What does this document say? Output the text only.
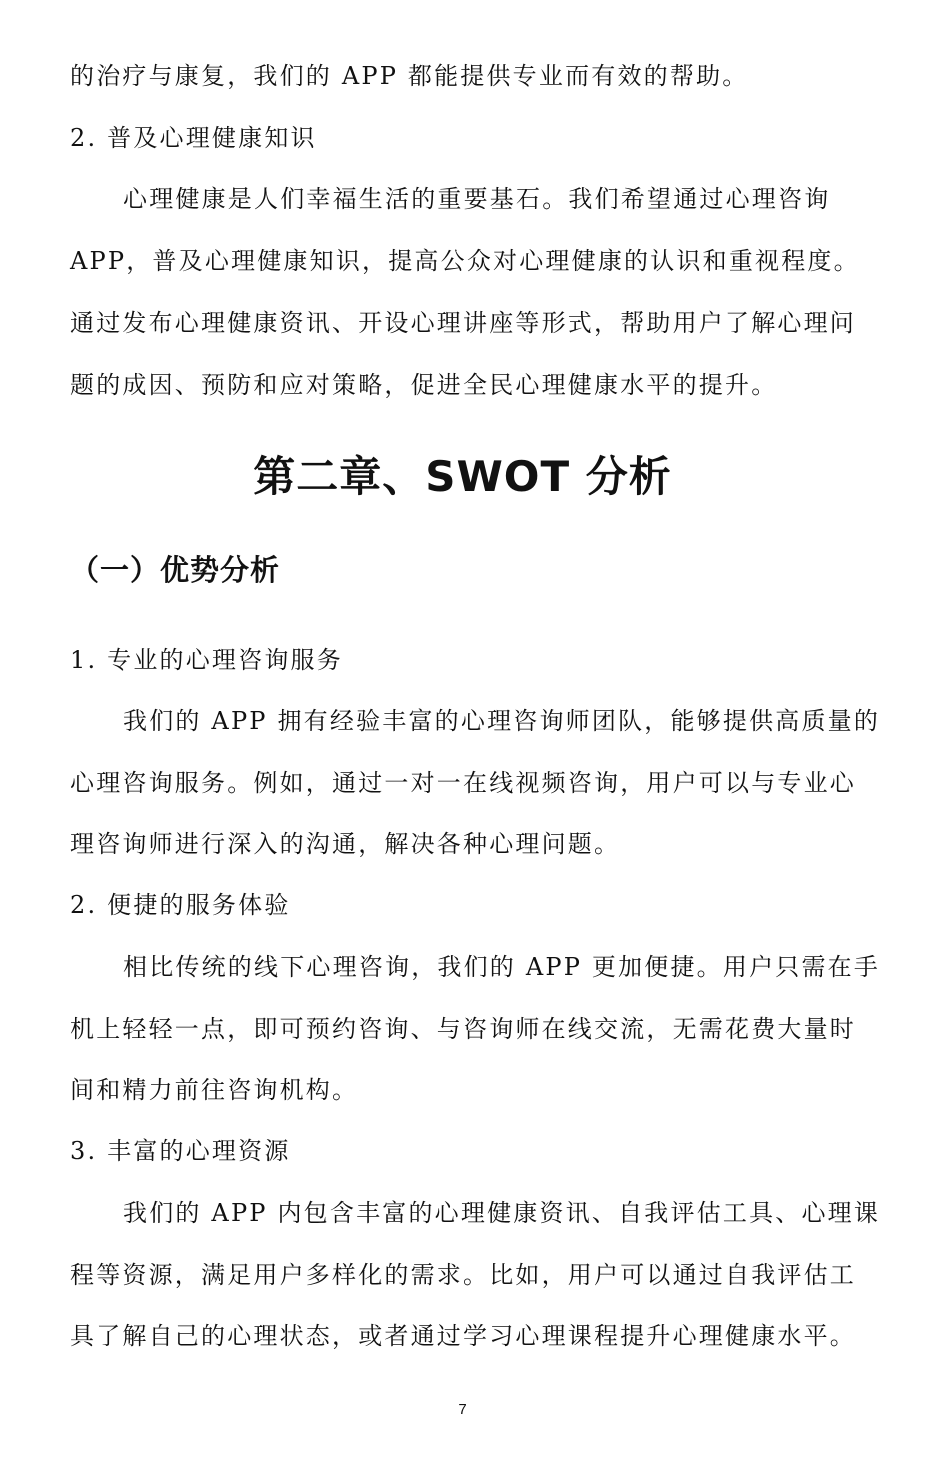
的治疗与康复，我们的 APP 都能提供专业而有效的帮助。
2. 普及心理健康知识
心理健康是人们幸福生活的重要基石。我们希望通过心理咨询
APP，普及心理健康知识，提高公众对心理健康的认识和重视程度。
通过发布心理健康资讯、开设心理讲座等形式，帮助用户了解心理问
题的成因、预防和应对策略，促进全民心理健康水平的提升。
第二章、SWOT 分析
（一）优势分析
1. 专业的心理咨询服务
我们的 APP 拥有经验丰富的心理咨询师团队，能够提供高质量的
心理咨询服务。例如，通过一对一在线视频咨询，用户可以与专业心
理咨询师进行深入的沟通，解决各种心理问题。
2. 便捷的服务体验
相比传统的线下心理咨询，我们的 APP 更加便捷。用户只需在手
机上轻轻一点，即可预约咨询、与咨询师在线交流，无需花费大量时
间和精力前往咨询机构。
3. 丰富的心理资源
我们的 APP 内包含丰富的心理健康资讯、自我评估工具、心理课
程等资源，满足用户多样化的需求。比如，用户可以通过自我评估工
具了解自己的心理状态，或者通过学习心理课程提升心理健康水平。
7
